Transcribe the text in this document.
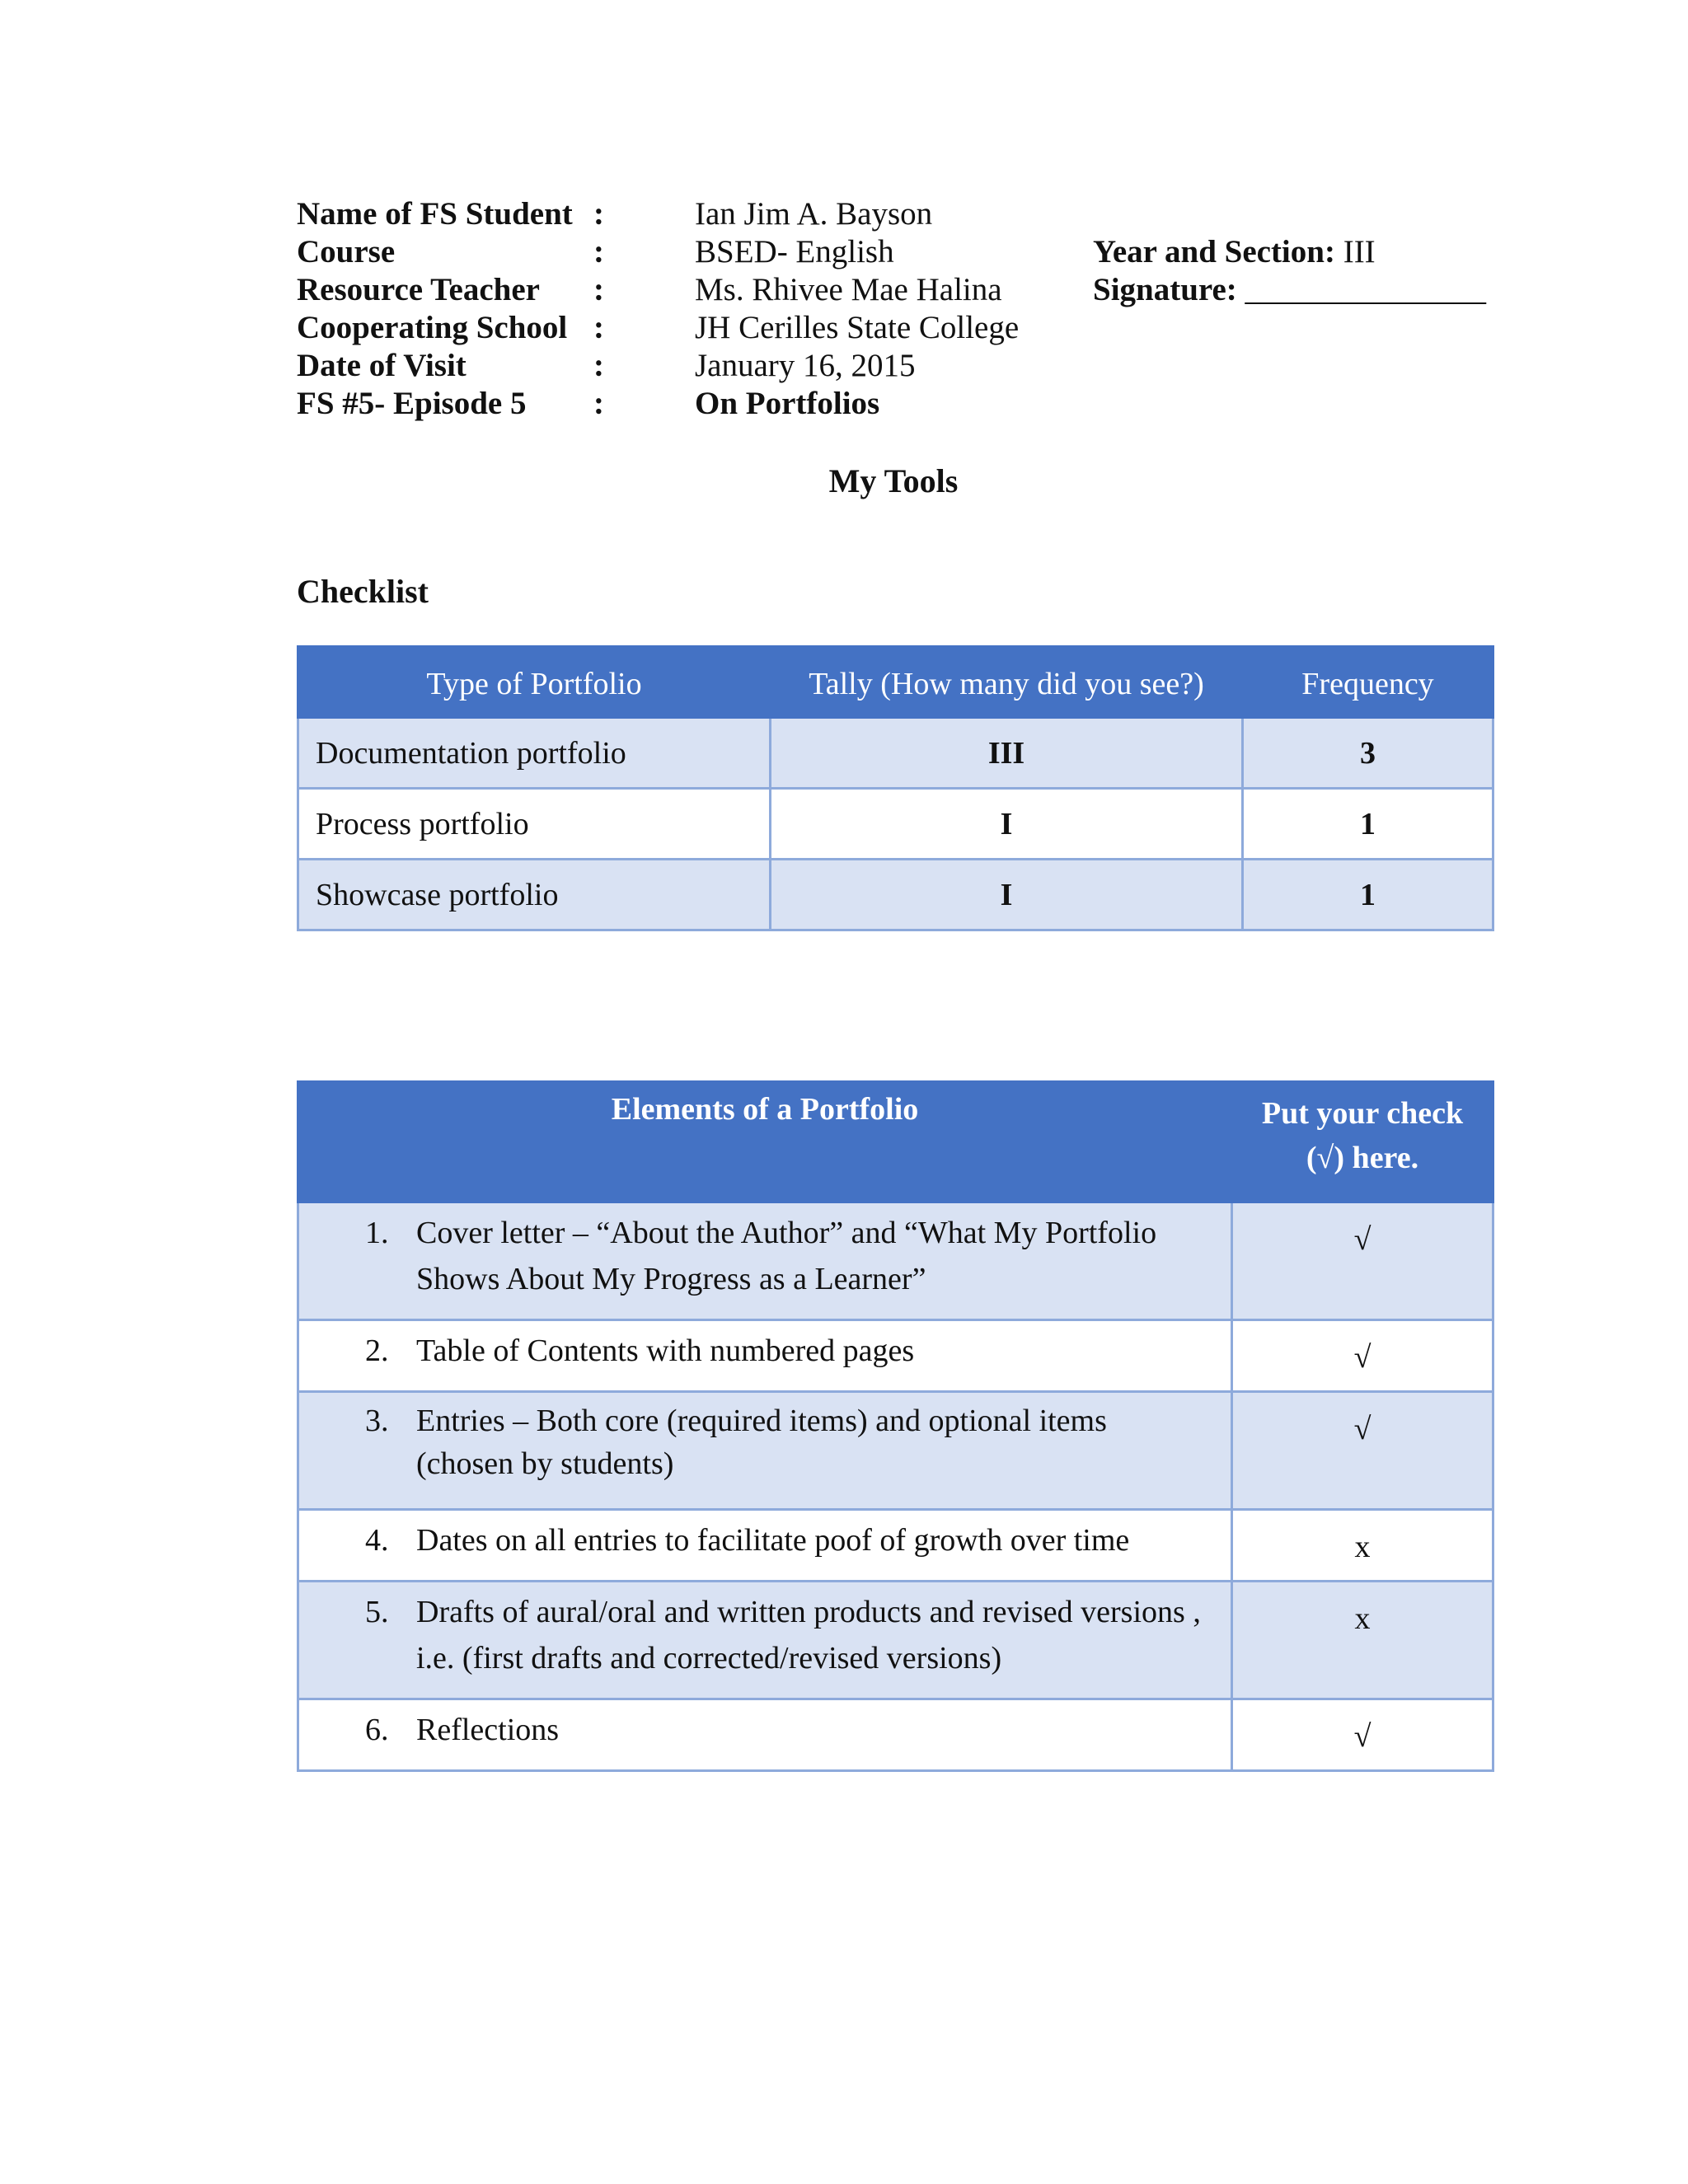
Name of FS Student :	Ian Jim A. Bayson
Course	:	BSED- English	Year and Section: III
Resource Teacher :	Ms. Rhivee Mae Halina	Signature: _______________
Cooperating School :	JH Cerilles State College
Date of Visit	:	January 16, 2015
FS #5- Episode 5 :	On Portfolios
My Tools
Checklist
Type of Portfolio	Tally (How many did you see?)	Frequency
Documentation portfolio	III	3
Process portfolio	I	1
Showcase portfolio	I	1
Elements of a Portfolio	Put your check
(√) here.

1. Cover letter – “About the Author” and “What My Portfolio Shows About My Progress as a Learner”	√

2. Table of Contents with numbered pages	√

3. Entries – Both core (required items) and optional items (chosen by students)	√

4. Dates on all entries to facilitate poof of growth over time	x

5. Drafts of aural/oral and written products and revised versions , i.e. (first drafts and corrected/revised versions)	x

6. Reflections	√
